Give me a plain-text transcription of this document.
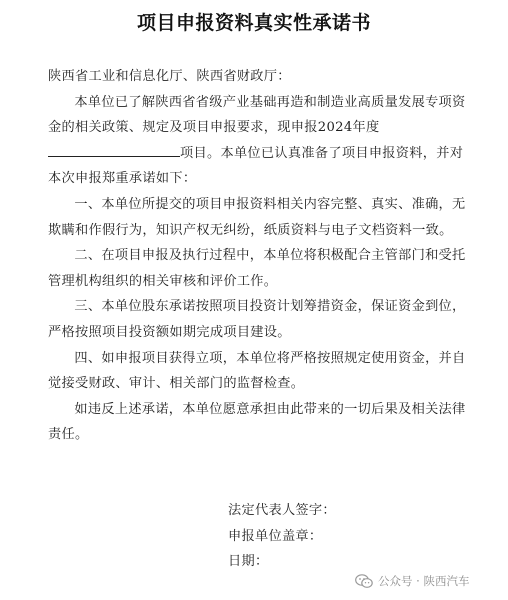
项目申报资料真实性承诺书

陕西省工业和信息化厅、陕西省财政厅：

本单位已了解陕西省省级产业基础再造和制造业高质量发展专项资金的相关政策、规定及项目申报要求，现申报2024年度项目。本单位已认真准备了项目申报资料，并对本次申报郑重承诺如下：

一、本单位所提交的项目申报资料相关内容完整、真实、准确，无欺瞒和作假行为，知识产权无纠纷，纸质资料与电子文档资料一致。

二、在项目申报及执行过程中，本单位将积极配合主管部门和受托管理机构组织的相关审核和评价工作。

三、本单位股东承诺按照项目投资计划筹措资金，保证资金到位，严格按照项目投资额如期完成项目建设。

四、如申报项目获得立项，本单位将严格按照规定使用资金，并自觉接受财政、审计、相关部门的监督检查。

如违反上述承诺，本单位愿意承担由此带来的一切后果及相关法律责任。

法定代表人签字：
申报单位盖章：
日期：
公众号 · 陕西汽车
